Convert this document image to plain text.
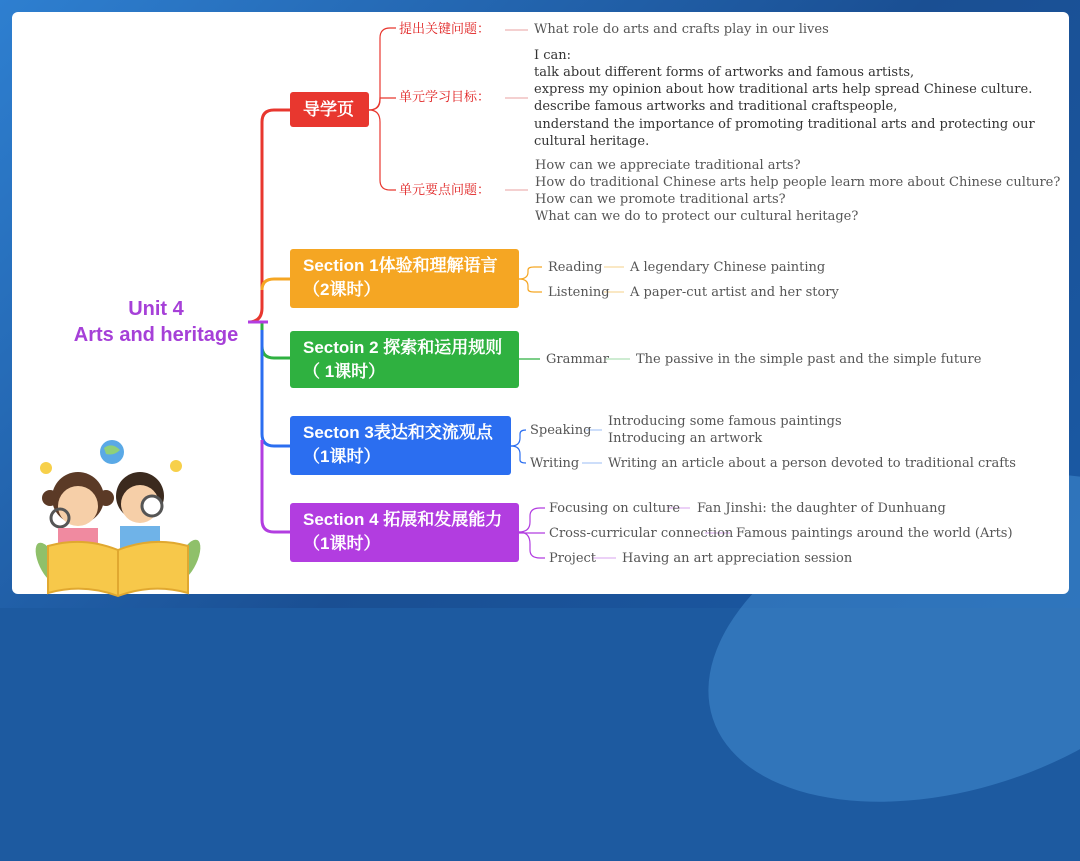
Unit 4
Arts and heritage
导学页
Section 1体验和理解语言
（2课时）
Sectoin 2 探索和运用规则
（ 1课时）
Secton 3表达和交流观点
（1课时）
Section 4 拓展和发展能力
（1课时）
提出关键问题：	What role do arts and crafts play in our lives
单元学习目标：
I can:
talk about different forms of artworks and famous artists,
express my opinion about how traditional arts help spread Chinese culture.
describe famous artworks and traditional craftspeople,
understand the importance of promoting traditional arts and protecting our
cultural heritage.
单元要点问题：
How can we appreciate traditional arts?
How do traditional Chinese arts help people learn more about Chinese culture?
How can we promote traditional arts?
What can we do to protect our cultural heritage?
Reading A legendary Chinese painting
Listening A paper-cut artist and her story
Grammar The passive in the simple past and the simple future
Speaking
Introducing some famous paintings
Introducing an artwork
Writing Writing an article about a person devoted to traditional crafts
Focusing on culture Fan Jinshi: the daughter of Dunhuang
Cross-curricular connection Famous paintings around the world (Arts)
Project Having an art appreciation session
